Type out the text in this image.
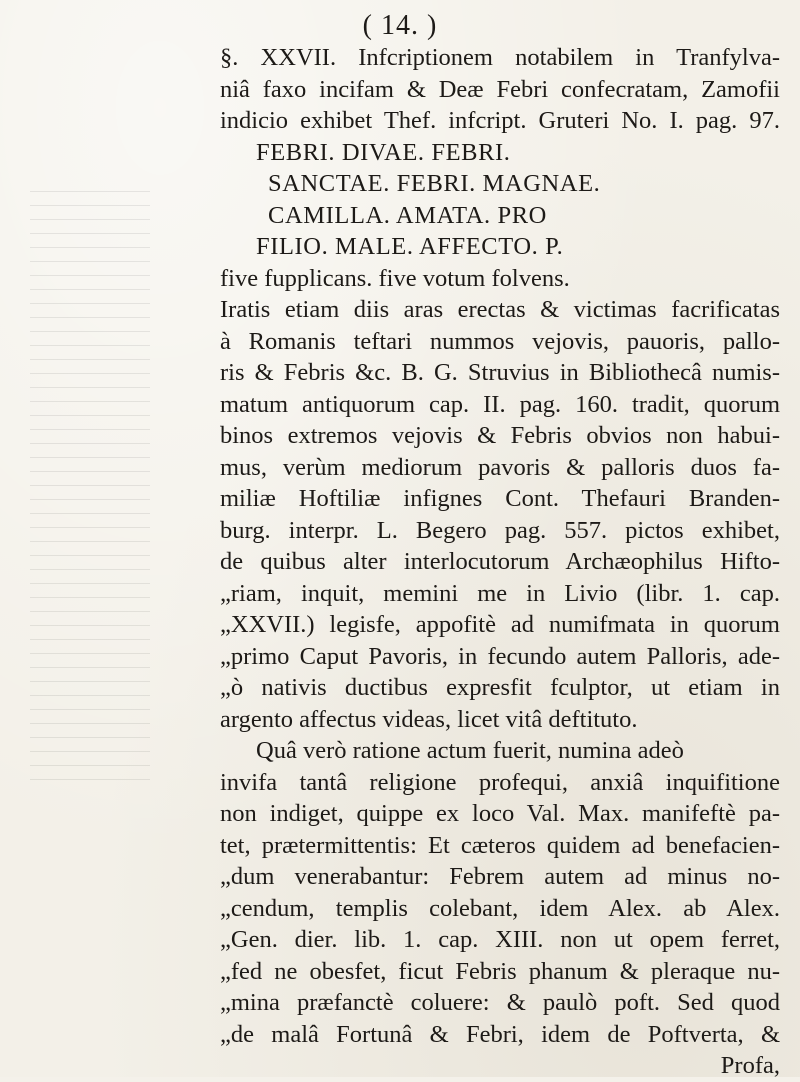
( 14. )
§. XXVII. Infcriptionem notabilem in Tranfylva-
niâ faxo incifam & Deæ Febri confecratam, Zamofii
indicio exhibet Thef. infcript. Gruteri No. I. pag. 97.
FEBRI. DIVAE. FEBRI.
SANCTAE. FEBRI. MAGNAE.
CAMILLA. AMATA. PRO
FILIO. MALE. AFFECTO. P.
five fupplicans. five votum folvens.
Iratis etiam diis aras erectas & victimas facrificatas
à Romanis teftari nummos vejovis, pauoris, pallo-
ris & Febris &c. B. G. Struvius in Bibliothecâ numis-
matum antiquorum cap. II. pag. 160. tradit, quorum
binos extremos vejovis & Febris obvios non habui-
mus, verùm mediorum pavoris & palloris duos fa-
miliæ Hoftiliæ infignes Cont. Thefauri Branden-
burg. interpr. L. Begero pag. 557. pictos exhibet,
de quibus alter interlocutorum Archæophilus Hifto-
„riam, inquit, memini me in Livio (libr. 1. cap.
„XXVII.) legisfe, appofitè ad numifmata in quorum
„primo Caput Pavoris, in fecundo autem Palloris, ade-
„ò nativis ductibus expresfit fculptor, ut etiam in
argento affectus videas, licet vitâ deftituto.
Quâ verò ratione actum fuerit, numina adeò
invifa tantâ religione profequi, anxiâ inquifitione
non indiget, quippe ex loco Val. Max. manifeftè pa-
tet, prætermittentis: Et cæteros quidem ad benefacien-
„dum venerabantur: Febrem autem ad minus no-
„cendum, templis colebant, idem Alex. ab Alex.
„Gen. dier. lib. 1. cap. XIII. non ut opem ferret,
„fed ne obesfet, ficut Febris phanum & pleraque nu-
„mina præfanctè coluere: & paulò poft. Sed quod
„de malâ Fortunâ & Febri, idem de Poftverta, &
Profa,
